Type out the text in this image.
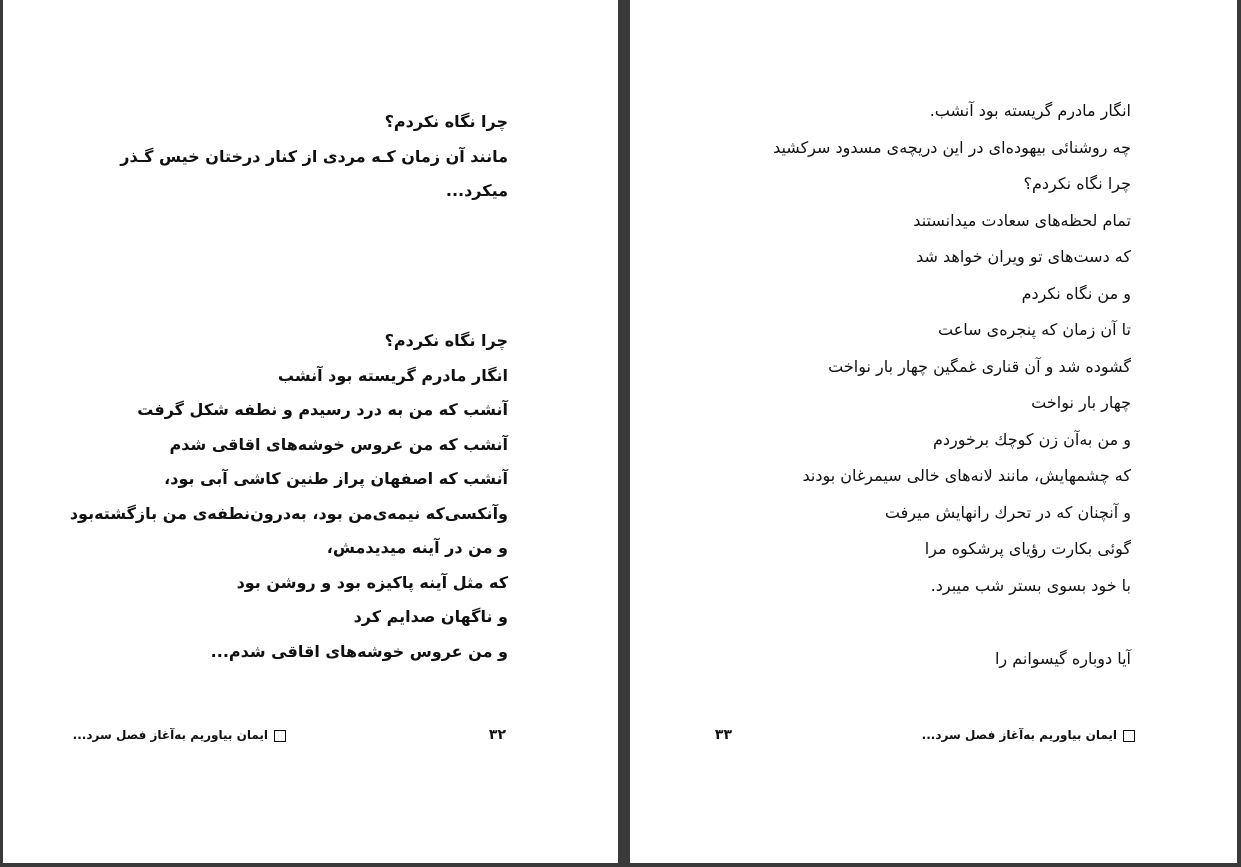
چرا نگاه نکردم؟
مانند آن زمان کـه مردی از کنار درختان خیس گـذر
میکرد...
چرا نگاه نکردم؟
انگار مادرم گریسته بود آنشب
آنشب که من به درد رسیدم و نطفه شکل گرفت
آنشب که من عروس خوشه‌های اقاقی شدم
آنشب که اصفهان پراز طنین کاشی آبی بود،
وآنکسی‌که نیمه‌ی‌من بود، به‌درون‌نطفه‌ی من بازگشته‌بود
و من در آینه میدیدمش،
که مثل آینه پاکیزه بود و روشن بود
و ناگهان صدایم کرد
و من عروس خوشه‌های اقاقی شدم...
۳۲
ایمان بیاوریم به‌آغاز فصل سرد...
انگار مادرم گریسته بود آنشب.
چه روشنائی بیهوده‌ای در این دریچه‌ی مسدود سرکشید
چرا نگاه نکردم؟
تمام لحظه‌های سعادت میدانستند
که دست‌های تو ویران خواهد شد
و من نگاه نکردم
تا آن زمان که پنجره‌ی ساعت
گشوده شد و آن قناری غمگین چهار بار نواخت
چهار بار نواخت
و من به‌آن زن کوچك برخوردم
که چشمهایش، مانند لانه‌های خالی سیمرغان بودند
و آنچنان که در تحرك رانهایش میرفت
گوئی بکارت رؤیای پرشکوه مرا
با خود بسوی بستر شب میبرد.
آیا دوباره گیسوانم را
۳۳	ایمان بیاوریم به‌آغاز فصل سرد...
